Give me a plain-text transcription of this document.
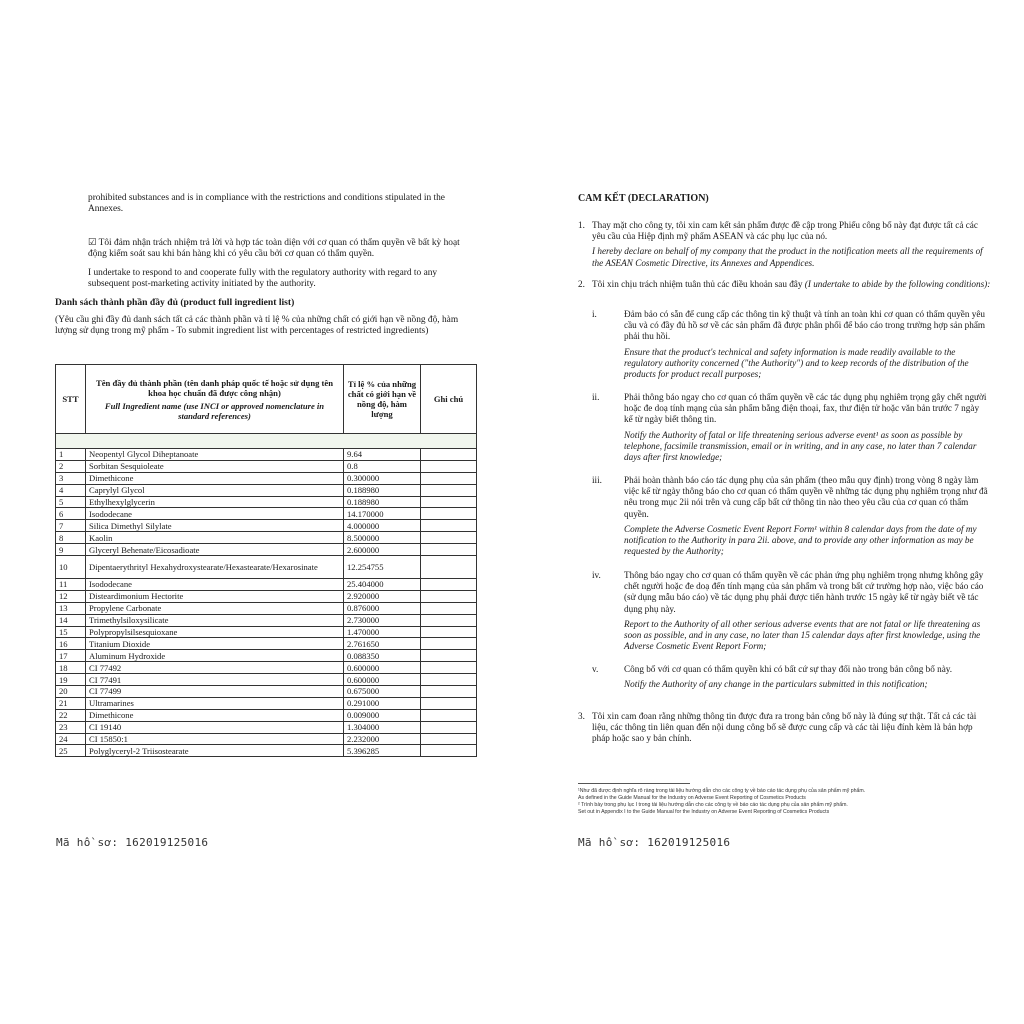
prohibited substances and is in compliance with the restrictions and conditions stipulated in the Annexes.

☑ Tôi đảm nhận trách nhiệm trả lời và hợp tác toàn diện với cơ quan có thẩm quyền về bất kỳ hoạt động kiểm soát sau khi bán hàng khi có yêu cầu bởi cơ quan có thẩm quyền.

I undertake to respond to and cooperate fully with the regulatory authority with regard to any subsequent post-marketing activity initiated by the authority.

Danh sách thành phần đầy đủ (product full ingredient list)

(Yêu cầu ghi đầy đủ danh sách tất cả các thành phần và tỉ lệ % của những chất có giới hạn về nồng độ, hàm lượng sử dụng trong mỹ phẩm - To submit ingredient list with percentages of restricted ingredients)

STT	Tên đầy đủ thành phần (tên danh pháp quốc tế hoặc sử dụng tên khoa học chuẩn đã được công nhận)
Full Ingredient name (use INCI or approved nomenclature in standard references)	Tỉ lệ % của những chất có giới hạn về nồng độ, hàm lượng	Ghi chú

1	Neopentyl Glycol Diheptanoate	9.64	
2	Sorbitan Sesquioleate	0.8	
3	Dimethicone	0.300000	
4	Caprylyl Glycol	0.188980	
5	Ethylhexylglycerin	0.188980	
6	Isododecane	14.170000	
7	Silica Dimethyl Silylate	4.000000	
8	Kaolin	8.500000	
9	Glyceryl Behenate/Eicosadioate	2.600000	
10	Dipentaerythrityl Hexahydroxystearate/Hexastearate/Hexarosinate	12.254755	
11	Isododecane	25.404000	
12	Disteardimonium Hectorite	2.920000	
13	Propylene Carbonate	0.876000	
14	Trimethylsiloxysilicate	2.730000	
15	Polypropylsilsesquioxane	1.470000	
16	Titanium Dioxide	2.761650	
17	Aluminum Hydroxide	0.088350	
18	CI 77492	0.600000	
19	CI 77491	0.600000	
20	CI 77499	0.675000	
21	Ultramarines	0.291000	
22	Dimethicone	0.009000	
23	CI 19140	1.304000	
24	CI 15850:1	2.232000	
25	Polyglyceryl-2 Triisostearate	5.396285	
Mã hồ sơ: 162019125016
CAM KẾT (DECLARATION)
1. Thay mặt cho công ty, tôi xin cam kết sản phẩm được đề cập trong Phiếu công bố này đạt được tất cả các yêu cầu của Hiệp định mỹ phẩm ASEAN và các phụ lục của nó.

I hereby declare on behalf of my company that the product in the notification meets all the requirements of the ASEAN Cosmetic Directive, its Annexes and Appendices.

2. Tôi xin chịu trách nhiệm tuân thủ các điều khoản sau đây (I undertake to abide by the following conditions):

i.	Đảm bảo có sẵn để cung cấp các thông tin kỹ thuật và tính an toàn khi cơ quan có thẩm quyền yêu cầu và có đầy đủ hồ sơ về các sản phẩm đã được phân phối để báo cáo trong trường hợp sản phẩm phải thu hồi.

Ensure that the product's technical and safety information is made readily available to the regulatory authority concerned ("the Authority") and to keep records of the distribution of the products for product recall purposes;

ii.	Phải thông báo ngay cho cơ quan có thẩm quyền về các tác dụng phụ nghiêm trọng gây chết người hoặc đe doạ tính mạng của sản phẩm bằng điện thoại, fax, thư điện tử hoặc văn bản trước 7 ngày kể từ ngày biết thông tin.

Notify the Authority of fatal or life threatening serious adverse event¹ as soon as possible by telephone, facsimile transmission, email or in writing, and in any case, no later than 7 calendar days after first knowledge;

iii. Phải hoàn thành báo cáo tác dụng phụ của sản phẩm (theo mẫu quy định) trong vòng 8 ngày làm việc kể từ ngày thông báo cho cơ quan có thẩm quyền về những tác dụng phụ nghiêm trọng như đã nêu trong mục 2ii nói trên và cung cấp bất cứ thông tin nào theo yêu cầu của cơ quan có thẩm quyền.

Complete the Adverse Cosmetic Event Report Form¹ within 8 calendar days from the date of my notification to the Authority in para 2ii. above, and to provide any other information as may be requested by the Authority;

iv.	Thông báo ngay cho cơ quan có thẩm quyền về các phản ứng phụ nghiêm trọng nhưng không gây chết người hoặc đe doạ đến tính mạng của sản phẩm và trong bất cứ trường hợp nào, việc báo cáo (sử dụng mẫu báo cáo) về tác dụng phụ phải được tiến hành trước 15 ngày kể từ ngày biết về tác dụng phụ này.

Report to the Authority of all other serious adverse events that are not fatal or life threatening as soon as possible, and in any case, no later than 15 calendar days after first knowledge, using the Adverse Cosmetic Event Report Form;

v.	Công bố với cơ quan có thẩm quyền khi có bất cứ sự thay đổi nào trong bản công bố này.

Notify the Authority of any change in the particulars submitted in this notification;

3. Tôi xin cam đoan rằng những thông tin được đưa ra trong bản công bố này là đúng sự thật. Tất cả các tài liệu, các thông tin liên quan đến nội dung công bố sẽ được cung cấp và các tài liệu đính kèm là bản hợp pháp hoặc sao y bản chính.

¹Như đã được định nghĩa rõ ràng trong tài liệu hướng dẫn cho các công ty về báo cáo tác dụng phụ của sản phẩm mỹ phẩm.
As defined in the Guide Manual for the Industry on Adverse Event Reporting of Cosmetics Products
² Trình bày trong phụ lục I trong tài liệu hướng dẫn cho các công ty về báo cáo tác dụng phụ của sản phẩm mỹ phẩm.
Set out in Appendix I to the Guide Manual for the Industry on Adverse Event Reporting of Cosmetics Products
Mã hồ sơ: 162019125016
